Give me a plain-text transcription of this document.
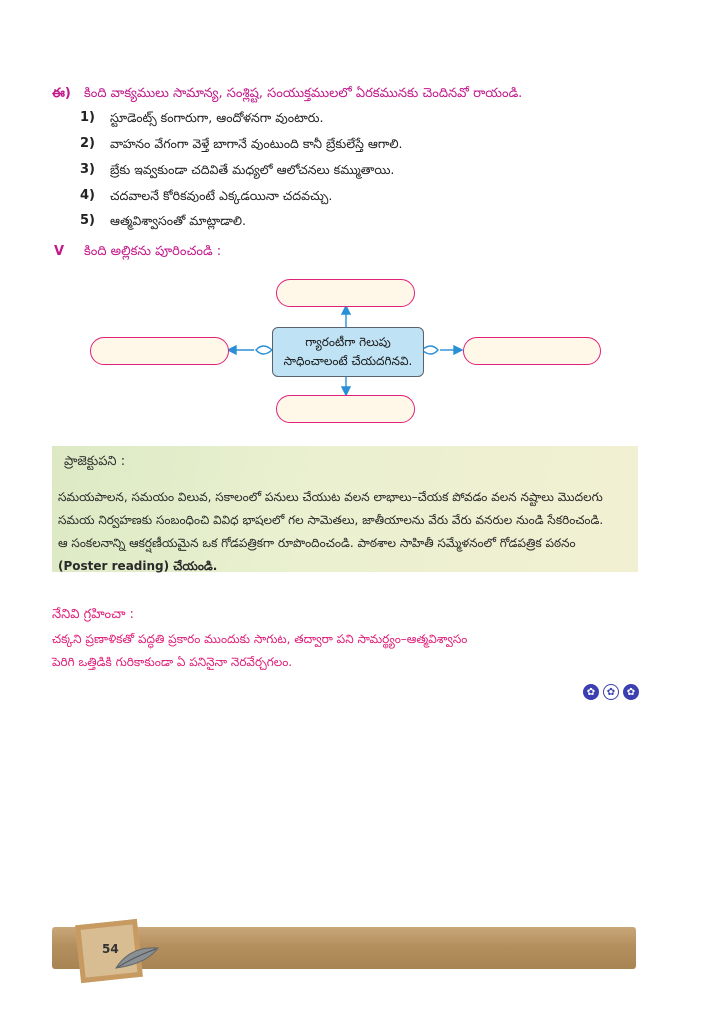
ఈ) కింది వాక్యములు సామాన్య, సంశ్లిష్ట, సంయుక్తములలో ఏరకమునకు చెందినవో రాయండి.
1) స్టూడెంట్స్ కంగారుగా, ఆందోళనగా వుంటారు.
2) వాహనం వేగంగా వెళ్తే బాగానే వుంటుంది కానీ బ్రేకులేస్తే ఆగాలి.
3) బ్రేకు ఇవ్వకుండా చదివితే మధ్యలో ఆలోచనలు కమ్ముతాయి.
4) చదవాలనే కోరికవుంటే ఎక్కడయినా చదవచ్చు.
5) ఆత్మవిశ్వాసంతో మాట్లాడాలి.
V కింది అల్లికను పూరించండి :
గ్యారంటీగా గెలుపు
సాధించాలంటే చేయదగినవి.
ప్రాజెక్టుపని :
సమయపాలన, సమయం విలువ, సకాలంలో పనులు చేయుట వలన లాభాలు–చేయక పోవడం వలన నష్టాలు మొదలగు
సమయ నిర్వహణకు సంబంధించి వివిధ భాషలలో గల సామెతలు, జాతీయాలను వేరు వేరు వనరుల నుండి సేకరించండి.
ఆ సంకలనాన్ని ఆకర్షణీయమైన ఒక గోడపత్రికగా రూపొందించండి. పాఠశాల సాహితీ సమ్మేళనంలో గోడపత్రిక పఠనం
(Poster reading) చేయండి.
నేనివి గ్రహించా :
చక్కని ప్రణాళికతో పద్ధతి ప్రకారం ముందుకు సాగుట, తద్వారా పని సామర్థ్యం–ఆత్మవిశ్వాసం
పెరిగి ఒత్తిడికి గురికాకుండా ఏ పనినైనా నెరవేర్చగలం.
✿	✿	✿
54
